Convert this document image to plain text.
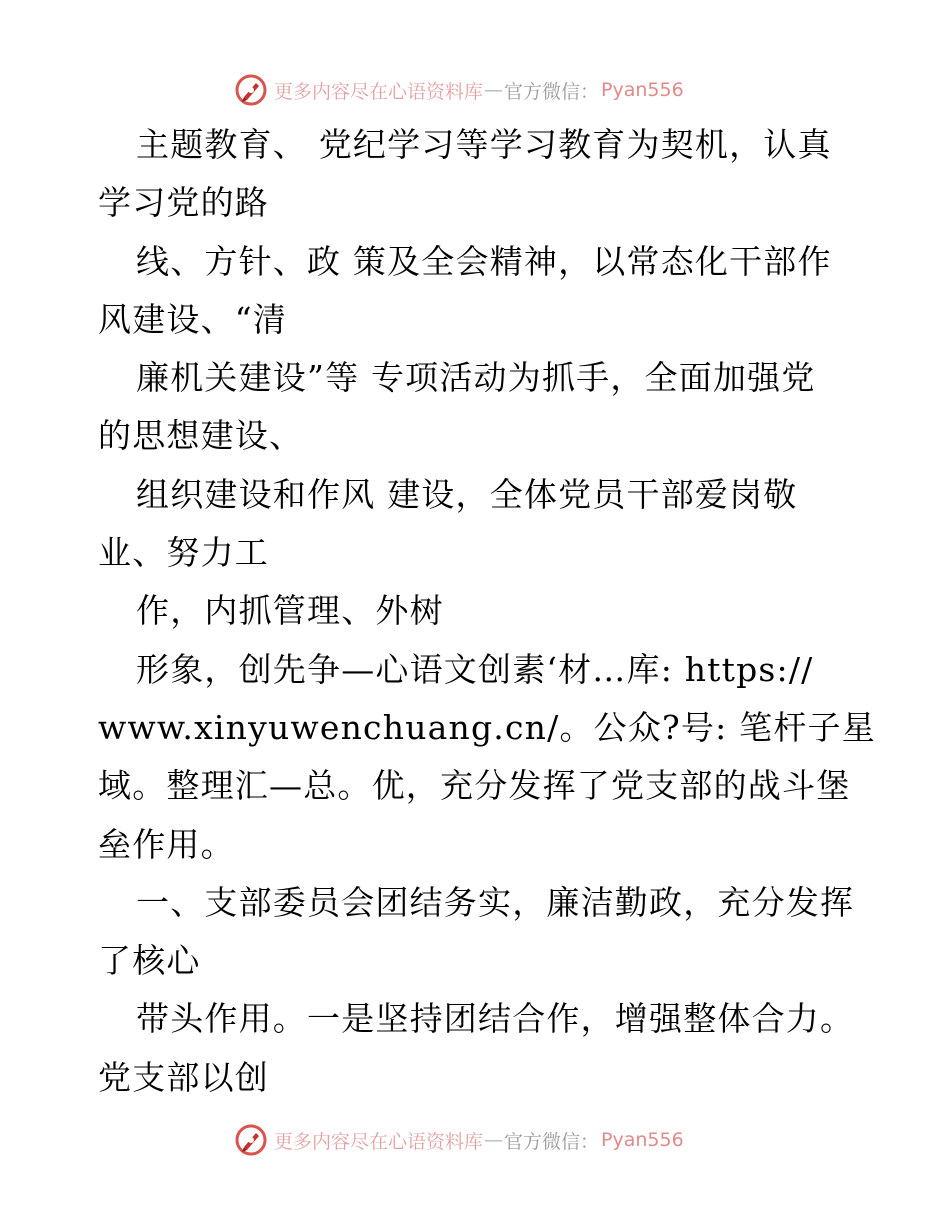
更多内容尽在心语资料库 — 官方微信： Pyan556
主题教育、 党纪学习等学习教育为契机，认真
学习党的路
线、方针、政 策及全会精神，以常态化干部作
风建设、“清
廉机关建设”等 专项活动为抓手，全面加强党
的思想建设、
组织建设和作风 建设，全体党员干部爱岗敬
业、努力工
作，内抓管理、外树
形象，创先争—心语文创素‘材…库: https://
www.xinyuwenchuang.cn/。公众?号: 笔杆子星
域。整理汇—总。优，充分发挥了党支部的战斗堡
垒作用。
一、支部委员会团结务实，廉洁勤政，充分发挥
了核心
带头作用。一是坚持团结合作，增强整体合力。
党支部以创
更多内容尽在心语资料库 — 官方微信： Pyan556
